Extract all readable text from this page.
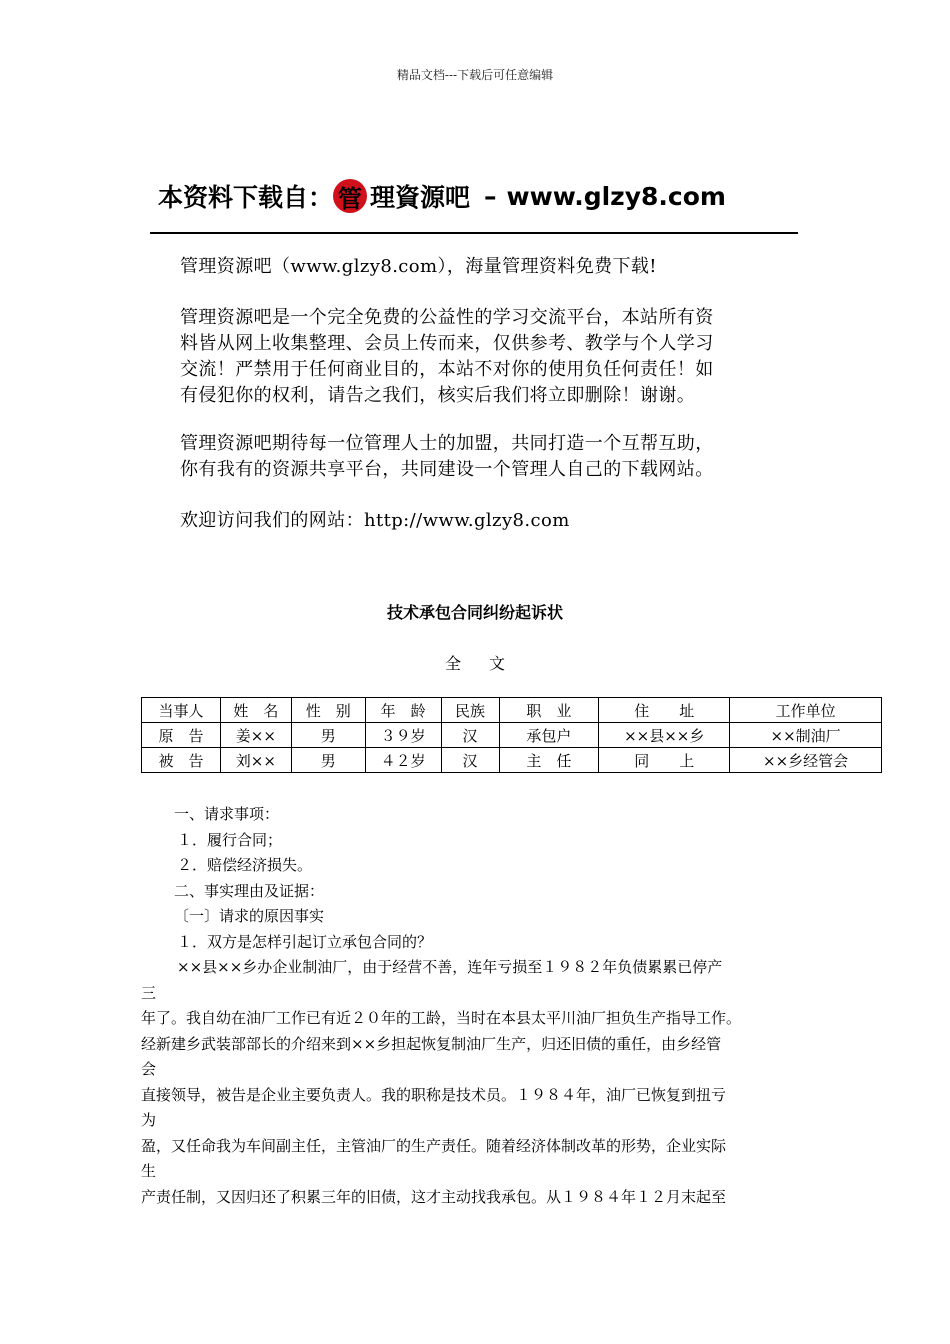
精品文档---下载后可任意编辑
本资料下载自： 管 理資源吧 – www.glzy8.com
管理资源吧（www.glzy8.com），海量管理资料免费下载!
管理资源吧是一个完全免费的公益性的学习交流平台，本站所有资
料皆从网上收集整理、会员上传而来，仅供参考、教学与个人学习
交流！严禁用于任何商业目的，本站不对你的使用负任何责任！如
有侵犯你的权利，请告之我们，核实后我们将立即删除！谢谢。
管理资源吧期待每一位管理人士的加盟，共同打造一个互帮互助，
你有我有的资源共享平台，共同建设一个管理人自己的下载网站。
欢迎访问我们的网站：http://www.glzy8.com
技术承包合同纠纷起诉状
全文
当事人	姓　名	性　别	年　龄	民族	职　业	住　　址	工作单位
原　告	姜××	男	３９岁	汉	承包户	××县××乡	××制油厂
被　告	刘××	男	４２岁	汉	主　任	同　　上	××乡经管会
一、请求事项：
１．履行合同；
２．赔偿经济损失。
二、事实理由及证据：
〔一〕请求的原因事实
１．双方是怎样引起订立承包合同的？
××县××乡办企业制油厂，由于经营不善，连年亏损至１９８２年负债累累已停产
三
年了。我自幼在油厂工作已有近２０年的工龄，当时在本县太平川油厂担负生产指导工作。
经新建乡武装部部长的介绍来到××乡担起恢复制油厂生产，归还旧债的重任，由乡经管
会
直接领导，被告是企业主要负责人。我的职称是技术员。１９８４年，油厂已恢复到扭亏
为
盈，又任命我为车间副主任，主管油厂的生产责任。随着经济体制改革的形势，企业实际
生
产责任制，又因归还了积累三年的旧债，这才主动找我承包。从１９８４年１２月末起至
